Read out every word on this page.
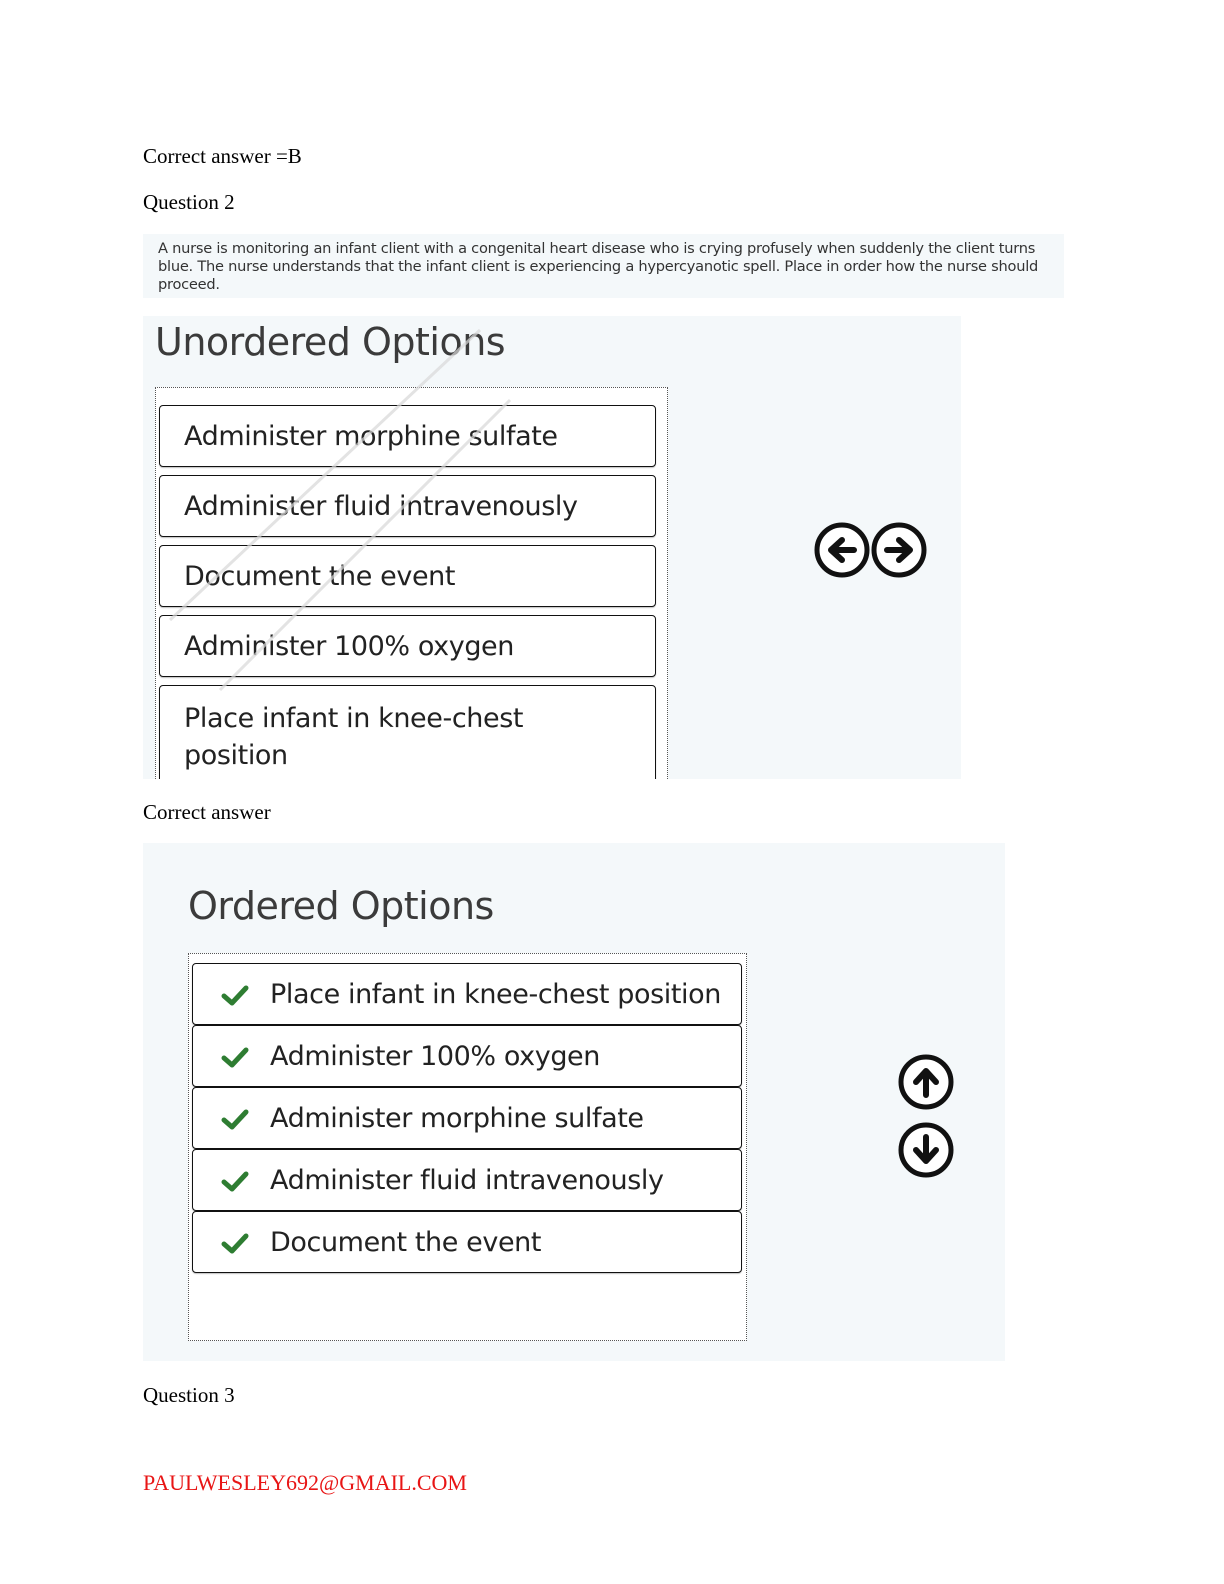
Correct answer =B
Question 2
A nurse is monitoring an infant client with a congenital heart disease who is crying profusely when suddenly the client turns blue. The nurse understands that the infant client is experiencing a hypercyanotic spell. Place in order how the nurse should proceed.
Unordered Options
Administer morphine sulfate
Administer fluid intravenously
Document the event
Administer 100% oxygen
Place infant in knee-chest position
Correct answer
Ordered Options
Place infant in knee-chest position
Administer 100% oxygen
Administer morphine sulfate
Administer fluid intravenously
Document the event
Question 3
PAULWESLEY692@GMAIL.COM
